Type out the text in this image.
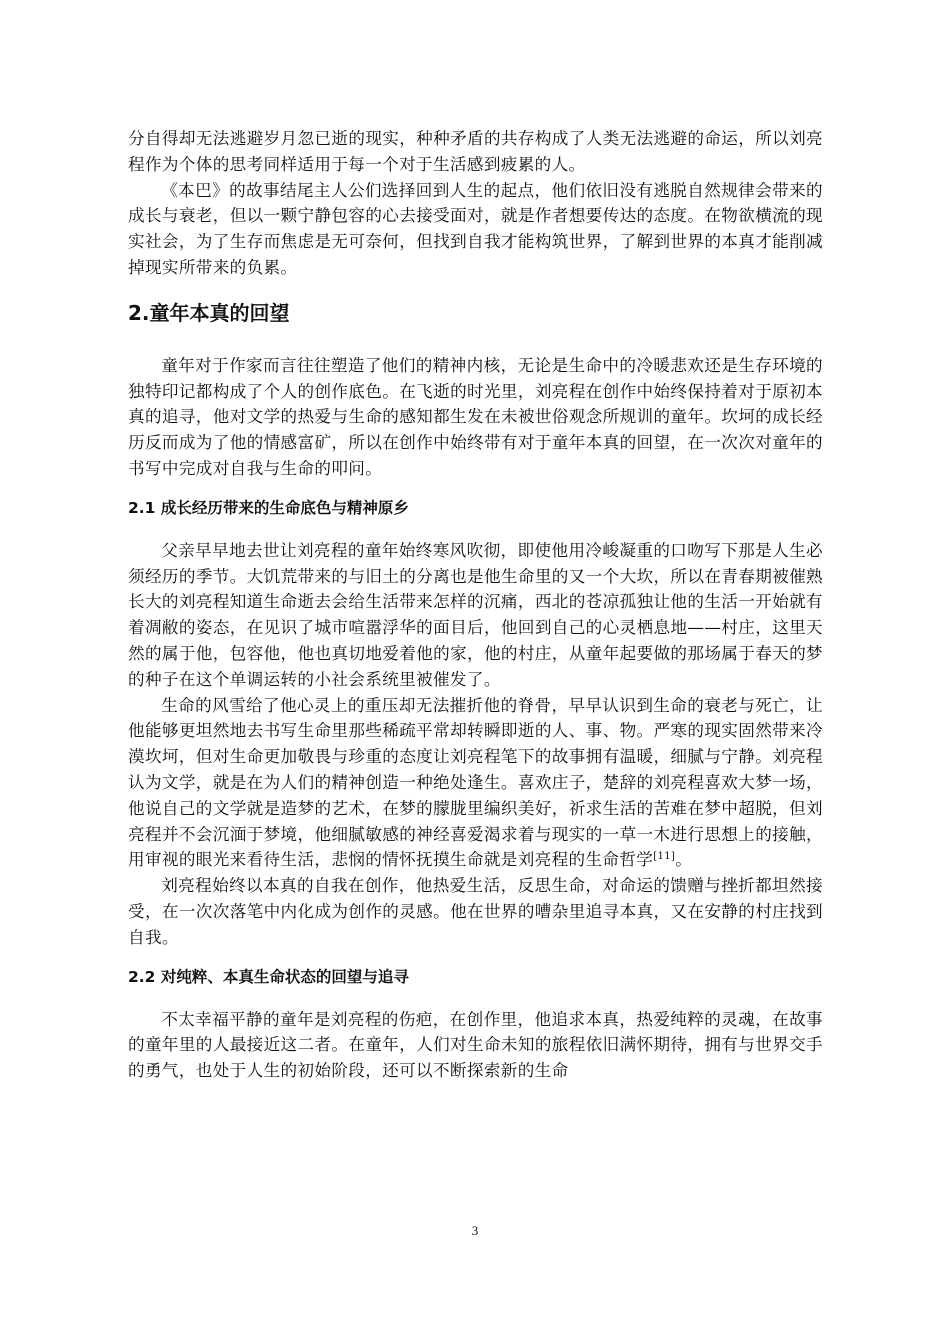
分自得却无法逃避岁月忽已逝的现实，种种矛盾的共存构成了人类无法逃避的命运，所以刘亮程作为个体的思考同样适用于每一个对于生活感到疲累的人。

《本巴》的故事结尾主人公们选择回到人生的起点，他们依旧没有逃脱自然规律会带来的成长与衰老，但以一颗宁静包容的心去接受面对，就是作者想要传达的态度。在物欲横流的现实社会，为了生存而焦虑是无可奈何，但找到自我才能构筑世界，了解到世界的本真才能削减掉现实所带来的负累。

2.童年本真的回望

童年对于作家而言往往塑造了他们的精神内核，无论是生命中的冷暖悲欢还是生存环境的独特印记都构成了个人的创作底色。在飞逝的时光里，刘亮程在创作中始终保持着对于原初本真的追寻，他对文学的热爱与生命的感知都生发在未被世俗观念所规训的童年。坎坷的成长经历反而成为了他的情感富矿，所以在创作中始终带有对于童年本真的回望，在一次次对童年的书写中完成对自我与生命的叩问。

2.1 成长经历带来的生命底色与精神原乡

父亲早早地去世让刘亮程的童年始终寒风吹彻，即使他用冷峻凝重的口吻写下那是人生必须经历的季节。大饥荒带来的与旧土的分离也是他生命里的又一个大坎，所以在青春期被催熟长大的刘亮程知道生命逝去会给生活带来怎样的沉痛，西北的苍凉孤独让他的生活一开始就有着凋敝的姿态，在见识了城市喧嚣浮华的面目后，他回到自己的心灵栖息地——村庄，这里天然的属于他，包容他，他也真切地爱着他的家，他的村庄，从童年起要做的那场属于春天的梦的种子在这个单调运转的小社会系统里被催发了。

生命的风雪给了他心灵上的重压却无法摧折他的脊骨，早早认识到生命的衰老与死亡，让他能够更坦然地去书写生命里那些稀疏平常却转瞬即逝的人、事、物。严寒的现实固然带来冷漠坎坷，但对生命更加敬畏与珍重的态度让刘亮程笔下的故事拥有温暖，细腻与宁静。刘亮程认为文学，就是在为人们的精神创造一种绝处逢生。喜欢庄子，楚辞的刘亮程喜欢大梦一场，他说自己的文学就是造梦的艺术，在梦的朦胧里编织美好，祈求生活的苦难在梦中超脱，但刘亮程并不会沉湎于梦境，他细腻敏感的神经喜爱渴求着与现实的一草一木进行思想上的接触，用审视的眼光来看待生活，悲悯的情怀抚摸生命就是刘亮程的生命哲学[11]。

刘亮程始终以本真的自我在创作，他热爱生活，反思生命，对命运的馈赠与挫折都坦然接受，在一次次落笔中内化成为创作的灵感。他在世界的嘈杂里追寻本真，又在安静的村庄找到自我。

2.2 对纯粹、本真生命状态的回望与追寻

不太幸福平静的童年是刘亮程的伤疤，在创作里，他追求本真，热爱纯粹的灵魂，在故事的童年里的人最接近这二者。在童年，人们对生命未知的旅程依旧满怀期待，拥有与世界交手的勇气，也处于人生的初始阶段，还可以不断探索新的生命

3
